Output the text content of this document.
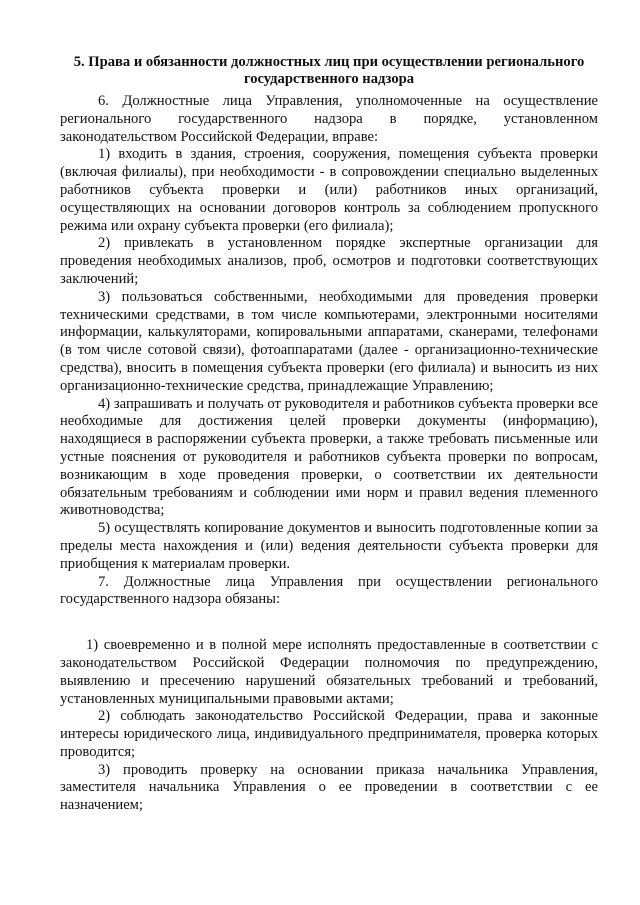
5. Права и обязанности должностных лиц при осуществлении регионального государственного надзора

6. Должностные лица Управления, уполномоченные на осуществление регионального государственного надзора в порядке, установленном законодательством Российской Федерации, вправе:

1) входить в здания, строения, сооружения, помещения субъекта проверки (включая филиалы), при необходимости - в сопровождении специально выделенных работников субъекта проверки и (или) работников иных организаций, осуществляющих на основании договоров контроль за соблюдением пропускного режима или охрану субъекта проверки (его филиала);

2) привлекать в установленном порядке экспертные организации для проведения необходимых анализов, проб, осмотров и подготовки соответствующих заключений;

3) пользоваться собственными, необходимыми для проведения проверки техническими средствами, в том числе компьютерами, электронными носителями информации, калькуляторами, копировальными аппаратами, сканерами, телефонами (в том числе сотовой связи), фотоаппаратами (далее - организационно-технические средства), вносить в помещения субъекта проверки (его филиала) и выносить из них организационно-технические средства, принадлежащие Управлению;

4) запрашивать и получать от руководителя и работников субъекта проверки все необходимые для достижения целей проверки документы (информацию), находящиеся в распоряжении субъекта проверки, а также требовать письменные или устные пояснения от руководителя и работников субъекта проверки по вопросам, возникающим в ходе проведения проверки, о соответствии их деятельности обязательным требованиям и соблюдении ими норм и правил ведения племенного животноводства;

5) осуществлять копирование документов и выносить подготовленные копии за пределы места нахождения и (или) ведения деятельности субъекта проверки для приобщения к материалам проверки.

7. Должностные лица Управления при осуществлении регионального государственного надзора обязаны:

1) своевременно и в полной мере исполнять предоставленные в соответствии с законодательством Российской Федерации полномочия по предупреждению, выявлению и пресечению нарушений обязательных требований и требований, установленных муниципальными правовыми актами;

2) соблюдать законодательство Российской Федерации, права и законные интересы юридического лица, индивидуального предпринимателя, проверка которых проводится;

3) проводить проверку на основании приказа начальника Управления, заместителя начальника Управления о ее проведении в соответствии с ее назначением;
